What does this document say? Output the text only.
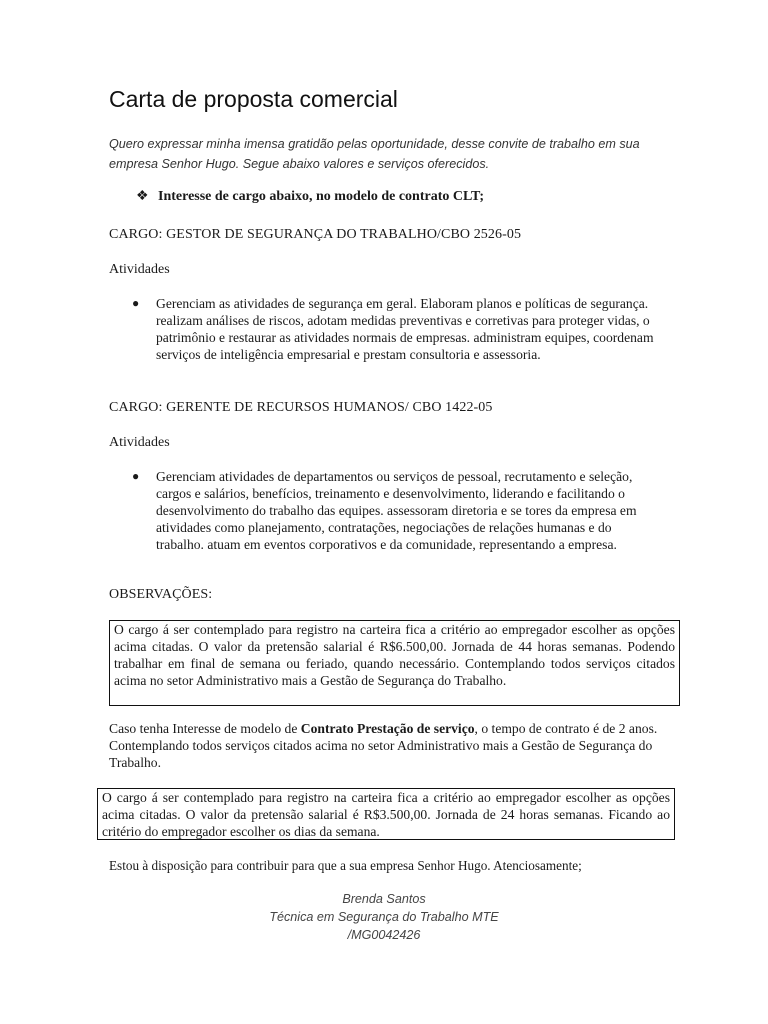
Carta de proposta comercial
Quero expressar minha imensa gratidão pelas oportunidade, desse convite de trabalho em sua empresa Senhor Hugo. Segue abaixo valores e serviços oferecidos.
❖ Interesse de cargo abaixo, no modelo de contrato CLT;
CARGO: GESTOR DE SEGURANÇA DO TRABALHO/CBO 2526-05
Atividades
● Gerenciam as atividades de segurança em geral. Elaboram planos e políticas de segurança. realizam análises de riscos, adotam medidas preventivas e corretivas para proteger vidas, o patrimônio e restaurar as atividades normais de empresas. administram equipes, coordenam serviços de inteligência empresarial e prestam consultoria e assessoria.
CARGO: GERENTE DE RECURSOS HUMANOS/ CBO 1422-05
Atividades
● Gerenciam atividades de departamentos ou serviços de pessoal, recrutamento e seleção, cargos e salários, benefícios, treinamento e desenvolvimento, liderando e facilitando o desenvolvimento do trabalho das equipes. assessoram diretoria e se tores da empresa em atividades como planejamento, contratações, negociações de relações humanas e do trabalho. atuam em eventos corporativos e da comunidade, representando a empresa.
OBSERVAÇÕES:
O cargo á ser contemplado para registro na carteira fica a critério ao empregador escolher as opções acima citadas. O valor da pretensão salarial é R$6.500,00. Jornada de 44 horas semanas. Podendo trabalhar em final de semana ou feriado, quando necessário. Contemplando todos serviços citados acima no setor Administrativo mais a Gestão de Segurança do Trabalho.
Caso tenha Interesse de modelo de Contrato Prestação de serviço, o tempo de contrato é de 2 anos. Contemplando todos serviços citados acima no setor Administrativo mais a Gestão de Segurança do Trabalho.
O cargo á ser contemplado para registro na carteira fica a critério ao empregador escolher as opções acima citadas. O valor da pretensão salarial é R$3.500,00. Jornada de 24 horas semanas. Ficando ao critério do empregador escolher os dias da semana.
Estou à disposição para contribuir para que a sua empresa Senhor Hugo. Atenciosamente;
Brenda Santos
Técnica em Segurança do Trabalho MTE
/MG0042426
